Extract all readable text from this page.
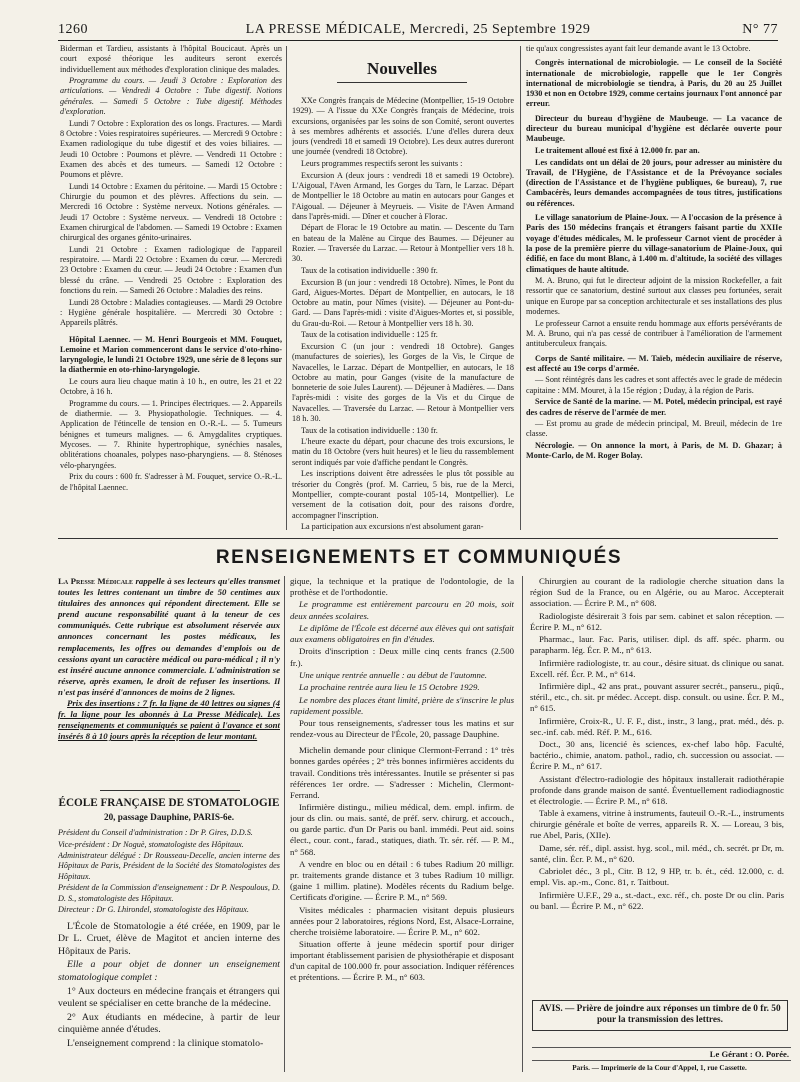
1260	LA PRESSE MÉDICALE, Mercredi, 25 Septembre 1929	N° 77

Biderman et Tardieu, assistants à l'hôpital Boucicaut. Après un court exposé théorique les auditeurs seront exercés individuellement aux méthodes d'exploration clinique des malades.

Programme du cours. — Jeudi 3 Octobre : Exploration des articulations. — Vendredi 4 Octobre : Tube digestif. Notions générales. — Samedi 5 Octobre : Tube digestif. Méthodes d'exploration.

Lundi 7 Octobre : Exploration des os longs. Fractures. — Mardi 8 Octobre : Voies respiratoires supérieures. — Mercredi 9 Octobre : Examen radiologique du tube digestif et des voies biliaires. — Jeudi 10 Octobre : Poumons et plèvre. — Vendredi 11 Octobre : Examen des abcès et des tumeurs. — Samedi 12 Octobre : Poumons et plèvre.

Lundi 14 Octobre : Examen du péritoine. — Mardi 15 Octobre : Chirurgie du poumon et des plèvres. Affections du sein. — Mercredi 16 Octobre : Système nerveux. Notions générales. — Jeudi 17 Octobre : Système nerveux. — Vendredi 18 Octobre : Examen chirurgical de l'abdomen. — Samedi 19 Octobre : Examen chirurgical des organes génito-urinaires.

Lundi 21 Octobre : Examen radiologique de l'appareil respiratoire. — Mardi 22 Octobre : Examen du cœur. — Mercredi 23 Octobre : Examen du cœur. — Jeudi 24 Octobre : Examen d'un blessé du crâne. — Vendredi 25 Octobre : Exploration des fonctions du rein. — Samedi 26 Octobre : Maladies des reins.

Lundi 28 Octobre : Maladies contagieuses. — Mardi 29 Octobre : Hygiène générale hospitalière. — Mercredi 30 Octobre : Appareils plâtrés.

Hôpital Laennec. — M. Henri Bourgeois et MM. Fouquet, Lemoine et Marion commenceront dans le service d'oto-rhino-laryngologie, le lundi 21 Octobre 1929, une série de 8 leçons sur la diathermie en oto-rhino-laryngologie.

Le cours aura lieu chaque matin à 10 h., en outre, les 21 et 22 Octobre, à 16 h.

Programme du cours. — 1. Principes électriques. — 2. Appareils de diathermie. — 3. Physiopathologie. Techniques. — 4. Application de l'étincelle de tension en O.-R.-L. — 5. Tumeurs bénignes et tumeurs malignes. — 6. Amygdalites cryptiques. Mycoses. — 7. Rhinite hypertrophique, synéchies nasales, oblitérations choanales, polypes naso-pharyngiens. — 8. Sténoses vélo-pharyngées.

Prix du cours : 600 fr. S'adresser à M. Fouquet, service O.-R.-L. de l'hôpital Laennec.

Nouvelles

XXe Congrès français de Médecine (Montpellier, 15-19 Octobre 1929). — A l'issue du XXe Congrès français de Médecine, trois excursions, organisées par les soins de son Comité, seront ouvertes à ses membres adhérents et associés. L'une d'elles durera deux jours (vendredi 18 et samedi 19 Octobre). Les deux autres dureront une journée (vendredi 18 Octobre).

Leurs programmes respectifs seront les suivants :

Excursion A (deux jours : vendredi 18 et samedi 19 Octobre). L'Aigoual, l'Aven Armand, les Gorges du Tarn, le Larzac. Départ de Montpellier le 18 Octobre au matin en autocars pour Ganges et l'Aigoual. — Déjeuner à Meyrueis. — Visite de l'Aven Armand dans l'après-midi. — Dîner et coucher à Florac.

Départ de Florac le 19 Octobre au matin. — Descente du Tarn en bateau de la Malène au Cirque des Baumes. — Déjeuner au Rozier. — Traversée du Larzac. — Retour à Montpellier vers 18 h. 30.

Taux de la cotisation individuelle : 390 fr.

Excursion B (un jour : vendredi 18 Octobre). Nîmes, le Pont du Gard, Aigues-Mortes. Départ de Montpellier, en autocars, le 18 Octobre au matin, pour Nîmes (visite). — Déjeuner au Pont-du-Gard. — Dans l'après-midi : visite d'Aigues-Mortes et, si possible, du Grau-du-Roi. — Retour à Montpellier vers 18 h. 30.

Taux de la cotisation individuelle : 125 fr.

Excursion C (un jour : vendredi 18 Octobre). Ganges (manufactures de soieries), les Gorges de la Vis, le Cirque de Navacelles, le Larzac. Départ de Montpellier, en autocars, le 18 Octobre au matin, pour Ganges (visite de la manufacture de bonneterie de soie Jules Laurent). — Déjeuner à Madières. — Dans l'après-midi : visite des gorges de la Vis et du Cirque de Navacelles. — Traversée du Larzac. — Retour à Montpellier vers 18 h. 30.

Taux de la cotisation individuelle : 130 fr.

L'heure exacte du départ, pour chacune des trois excursions, le matin du 18 Octobre (vers huit heures) et le lieu du rassemblement seront indiqués par voie d'affiche pendant le Congrès.

Les inscriptions doivent être adressées le plus tôt possible au trésorier du Congrès (prof. M. Carrieu, 5 bis, rue de la Merci, Montpellier, compte-courant postal 105-14, Montpellier). Le versement de la cotisation doit, pour des raisons d'ordre, accompagner l'inscription.

La participation aux excursions n'est absolument garan-

tie qu'aux congressistes ayant fait leur demande avant le 13 Octobre.

Congrès international de microbiologie. — Le conseil de la Société internationale de microbiologie, rappelle que le 1er Congrès international de microbiologie se tiendra, à Paris, du 20 au 25 Juillet 1930 et non en Octobre 1929, comme certains journaux l'ont annoncé par erreur.

Directeur du bureau d'hygiène de Maubeuge. — La vacance de directeur du bureau municipal d'hygiène est déclarée ouverte pour Maubeuge.

Le traitement alloué est fixé à 12.000 fr. par an.

Les candidats ont un délai de 20 jours, pour adresser au ministère du Travail, de l'Hygiène, de l'Assistance et de la Prévoyance sociales (direction de l'Assistance et de l'hygiène publiques, 6e bureau), 7, rue Cambacérès, leurs demandes accompagnées de tous titres, justifications ou références.

Le village sanatorium de Plaine-Joux. — A l'occasion de la présence à Paris des 150 médecins français et étrangers faisant partie du XXIIe voyage d'études médicales, M. le professeur Carnot vient de procéder à la pose de la première pierre du village-sanatorium de Plaine-Joux, qui édifié, en face du mont Blanc, à 1.400 m. d'altitude, la société des villages climatiques de haute altitude.

M. A. Bruno, qui fut le directeur adjoint de la mission Rockefeller, a fait ressortir que ce sanatorium, destiné surtout aux classes peu fortunées, serait unique en Europe par sa conception architecturale et ses installations des plus modernes.

Le professeur Carnot a ensuite rendu hommage aux efforts persévérants de M. A. Bruno, qui n'a pas cessé de contribuer à l'amélioration de l'armement antituberculeux français.

Corps de Santé militaire. — M. Taïeb, médecin auxiliaire de réserve, est affecté au 19e corps d'armée.

— Sont réintégrés dans les cadres et sont affectés avec le grade de médecin capitaine : MM. Mouret, à la 15e région ; Duday, à la région de Paris.

Service de Santé de la marine. — M. Potel, médecin principal, est rayé des cadres de réserve de l'armée de mer.

— Est promu au grade de médecin principal, M. Breuil, médecin de 1re classe.

Nécrologie. — On annonce la mort, à Paris, de M. D. Ghazar; à Monte-Carlo, de M. Roger Bolay.

RENSEIGNEMENTS ET COMMUNIQUÉS
La Presse Médicale rappelle à ses lecteurs qu'elles transmet toutes les lettres contenant un timbre de 50 centimes aux titulaires des annonces qui répondent directement. Elle se prend aucune responsabilité quant à la teneur de ces communiqués. Cette rubrique est absolument réservée aux annonces concernant les postes médicaux, les remplacements, les offres ou demandes d'emplois ou de cessions ayant un caractère médical ou para-médical ; il n'y est inséré aucune annonce commerciale. L'administration se réserve, après examen, le droit de refuser les insertions. Il n'est pas inséré d'annonces de moins de 2 lignes.
Prix des insertions : 7 fr. la ligne de 40 lettres ou signes (4 fr. la ligne pour les abonnés à La Presse Médicale). Les renseignements et communiqués se paient à l'avance et sont insérés 8 à 10 jours après la réception de leur montant.
ÉCOLE FRANÇAISE DE STOMATOLOGIE
20, passage Dauphine, PARIS-6e.

Président du Conseil d'administration : Dr P. Gires, D.D.S.

Vice-président : Dr Noguè, stomatologiste des Hôpitaux.

Administrateur délégué : Dr Rousseau-Decelle, ancien interne des Hôpitaux de Paris, Président de la Société des Stomatologistes des Hôpitaux.

Président de la Commission d'enseignement : Dr P. Nespoulous, D. D. S., stomatologiste des Hôpitaux.

Directeur : Dr G. Lhirondel, stomatologiste des Hôpitaux.

L'École de Stomatologie a été créée, en 1909, par le Dr L. Cruet, élève de Magitot et ancien interne des Hôpitaux de Paris.

Elle a pour objet de donner un enseignement stomatologique complet :

1° Aux docteurs en médecine français et étrangers qui veulent se spécialiser en cette branche de la médecine.

2° Aux étudiants en médecine, à partir de leur cinquième année d'études.

L'enseignement comprend : la clinique stomatolo-

gique, la technique et la pratique de l'odontologie, de la prothèse et de l'orthodontie.

Le programme est entièrement parcouru en 20 mois, soit deux années scolaires.

Le diplôme de l'École est décerné aux élèves qui ont satisfait aux examens obligatoires en fin d'études.

Droits d'inscription : Deux mille cinq cents francs (2.500 fr.).

Une unique rentrée annuelle : au début de l'automne.

La prochaine rentrée aura lieu le 15 Octobre 1929.

Le nombre des places étant limité, prière de s'inscrire le plus rapidement possible.

Pour tous renseignements, s'adresser tous les matins et sur rendez-vous au Directeur de l'École, 20, passage Dauphine.

Michelin demande pour clinique Clermont-Ferrand : 1° très bonnes gardes opérées ; 2° très bonnes infirmières accidents du travail. Conditions très intéressantes. Inutile se présenter si pas références 1er ordre. — S'adresser : Michelin, Clermont-Ferrand.

Infirmière distingu., milieu médical, dem. empl. infirm. de jour ds clin. ou mais. santé, de préf. serv. chirurg. et accouch., ou garde partic. d'un Dr Paris ou banl. immédi. Peut aid. soins élect., cour. cont., farad., statiques, diath. Tr. sér. réf. — P. M., n° 568.

A vendre en bloc ou en détail : 6 tubes Radium 20 milligr. pr. traitements grande distance et 3 tubes Radium 10 milligr. (gaine 1 millim. platine). Modèles récents du Radium belge. Certificats d'origine. — Écrire P. M., n° 569.

Visites médicales : pharmacien visitant depuis plusieurs années pour 2 laboratoires, régions Nord, Est, Alsace-Lorraine, cherche troisième laboratoire. — Écrire P. M., n° 602.

Situation offerte à jeune médecin sportif pour diriger important établissement parisien de physiothérapie et disposant d'un capital de 100.000 fr. pour association. Indiquer références et prétentions. — Écrire P. M., n° 603.

Chirurgien au courant de la radiologie cherche situation dans la région Sud de la France, ou en Algérie, ou au Maroc. Accepterait association. — Écrire P. M., n° 608.

Radiologiste désirerait 3 fois par sem. cabinet et salon réception. — Écrire P. M., n° 612.

Pharmac., laur. Fac. Paris, utiliser. dipl. ds aff. spéc. pharm. ou parapharm. lég. Écr. P. M., n° 613.

Infirmière radiologiste, tr. au cour., désire situat. ds clinique ou sanat. Excell. réf. Écr. P. M., n° 614.

Infirmière dipl., 42 ans prat., pouvant assurer secrét., panseru., piqû., stéril., etc., ch. sit. pr médec. Accept. disp. consult. ou usine. Écr. P. M., n° 615.

Infirmière, Croix-R., U. F. F., dist., instr., 3 lang., prat. méd., dés. p. sec.-inf. cab. méd. Réf. P. M., 616.

Doct., 30 ans, licencié ès sciences, ex-chef labo hôp. Faculté, bactério., chimie, anatom. pathol., radio, ch. succession ou associat. — Écrire P. M., n° 617.

Assistant d'électro-radiologie des hôpitaux installerait radiothérapie profonde dans grande maison de santé. Éventuellement radiodiagnostic et électrologie. — Écrire P. M., n° 618.

Table à examens, vitrine à instruments, fauteuil O.-R.-L., instruments chirurgie générale et boîte de verres, appareils R. X. — Loreau, 3 bis, rue Abel, Paris, (XIIe).

Dame, sér. réf., dipl. assist. hyg. scol., mil. méd., ch. secrét. pr Dr, m. santé, clin. Écr. P. M., n° 620.

Cabriolet déc., 3 pl., Citr. B 12, 9 HP, tr. b. ét., céd. 12.000, c. d. empl. Vis. ap.-m., Conc. 81, r. Taitbout.

Infirmière U.F.F., 29 a., st.-dact., exc. réf., ch. poste Dr ou clin. Paris ou banl. — Écrire P. M., n° 622.

AVIS. — Prière de joindre aux réponses un timbre de 0 fr. 50 pour la transmission des lettres.
Le Gérant : O. Porée.
Paris. — Imprimerie de la Cour d'Appel, 1, rue Cassette.
